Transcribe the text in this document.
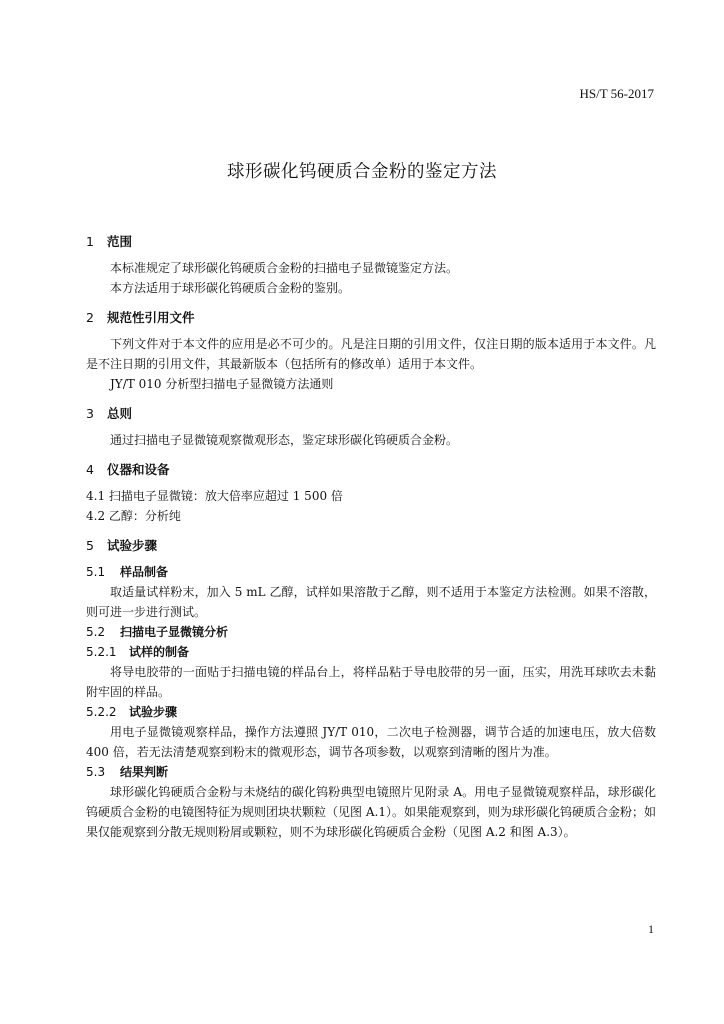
HS/T 56-2017
球形碳化钨硬质合金粉的鉴定方法
1 范围

本标准规定了球形碳化钨硬质合金粉的扫描电子显微镜鉴定方法。

本方法适用于球形碳化钨硬质合金粉的鉴别。

2 规范性引用文件

下列文件对于本文件的应用是必不可少的。凡是注日期的引用文件，仅注日期的版本适用于本文件。凡是不注日期的引用文件，其最新版本（包括所有的修改单）适用于本文件。

JY/T 010 分析型扫描电子显微镜方法通则

3 总则

通过扫描电子显微镜观察微观形态，鉴定球形碳化钨硬质合金粉。

4 仪器和设备

4.1 扫描电子显微镜：放大倍率应超过 1 500 倍

4.2 乙醇：分析纯

5 试验步骤
5.1 样品制备

取适量试样粉末，加入 5 mL 乙醇，试样如果溶散于乙醇，则不适用于本鉴定方法检测。如果不溶散，则可进一步进行测试。

5.2 扫描电子显微镜分析
5.2.1 试样的制备

将导电胶带的一面贴于扫描电镜的样品台上，将样品粘于导电胶带的另一面，压实，用洗耳球吹去未黏附牢固的样品。

5.2.2 试验步骤

用电子显微镜观察样品，操作方法遵照 JY/T 010，二次电子检测器，调节合适的加速电压，放大倍数 400 倍，若无法清楚观察到粉末的微观形态，调节各项参数，以观察到清晰的图片为准。

5.3 结果判断

球形碳化钨硬质合金粉与未烧结的碳化钨粉典型电镜照片见附录 A。用电子显微镜观察样品，球形碳化钨硬质合金粉的电镜图特征为规则团块状颗粒（见图 A.1）。如果能观察到，则为球形碳化钨硬质合金粉；如果仅能观察到分散无规则粉屑或颗粒，则不为球形碳化钨硬质合金粉（见图 A.2 和图 A.3）。

1
